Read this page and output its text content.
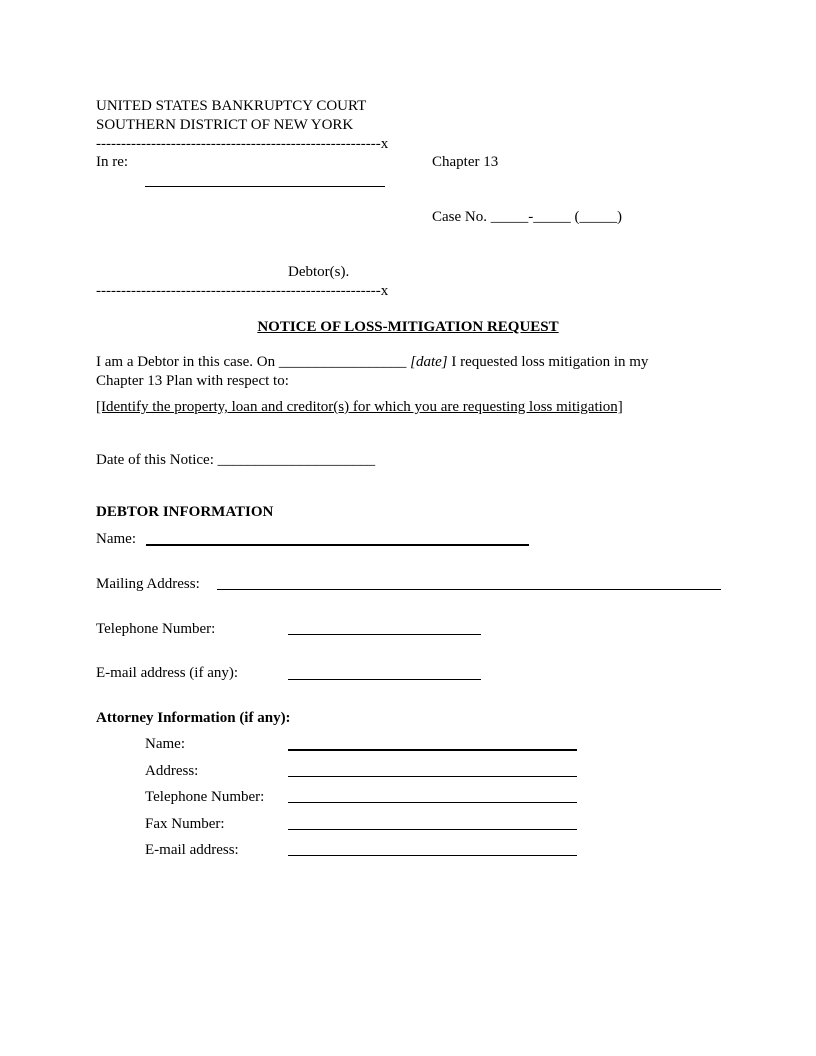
UNITED STATES BANKRUPTCY COURT
SOUTHERN DISTRICT OF NEW YORK
---------------------------------------------------------x
In re:	Chapter 13
Case No. _____-_____ (_____)
Debtor(s).
---------------------------------------------------------x
NOTICE OF LOSS-MITIGATION REQUEST
I am a Debtor in this case. On _________________ [date] I requested loss mitigation in my
Chapter 13 Plan with respect to:
[Identify the property, loan and creditor(s) for which you are requesting loss mitigation]
Date of this Notice: _____________________
DEBTOR INFORMATION
Name:
Mailing Address:
Telephone Number:
E-mail address (if any):
Attorney Information (if any):
Name:
Address:
Telephone Number:
Fax Number:
E-mail address:
